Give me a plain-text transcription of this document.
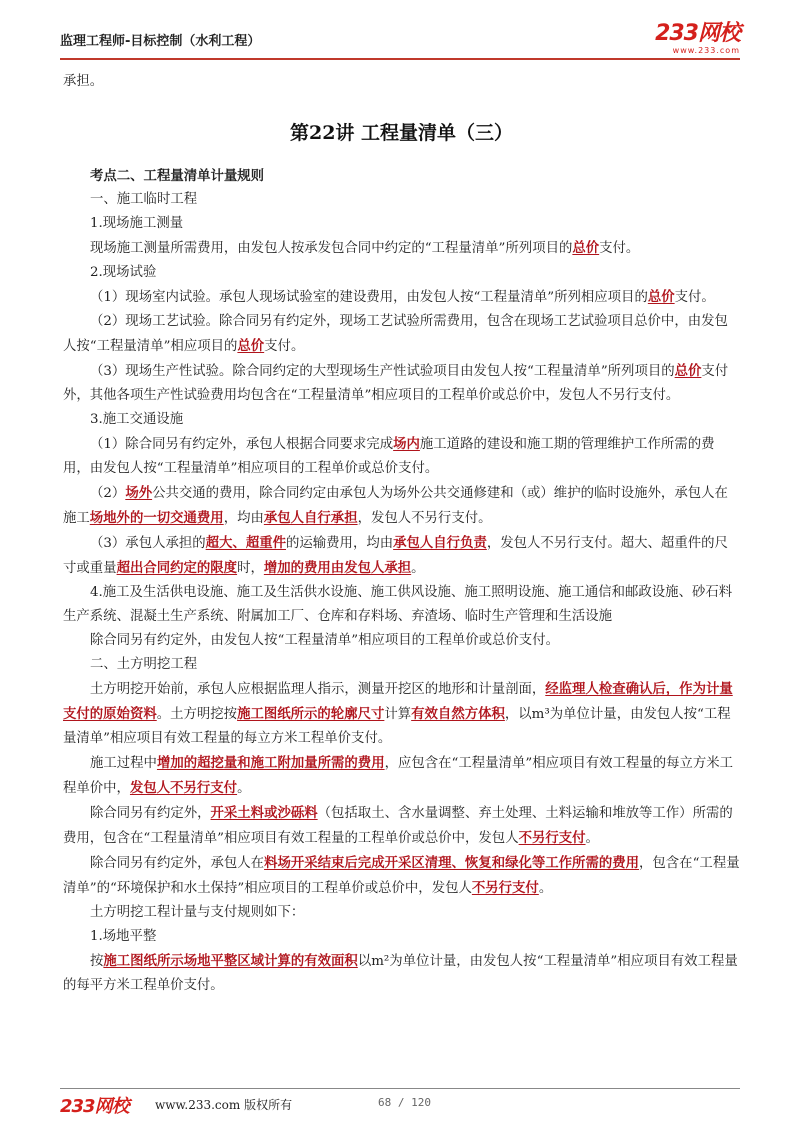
监理工程师-目标控制（水利工程）	233网校
www.233.com

承担。

第22讲 工程量清单（三）

考点二、工程量清单计量规则

一、施工临时工程

1.现场施工测量

现场施工测量所需费用，由发包人按承发包合同中约定的“工程量清单”所列项目的总价支付。

2.现场试验

（1）现场室内试验。承包人现场试验室的建设费用，由发包人按“工程量清单”所列相应项目的总价支付。

（2）现场工艺试验。除合同另有约定外，现场工艺试验所需费用，包含在现场工艺试验项目总价中，由发包人按“工程量清单”相应项目的总价支付。

（3）现场生产性试验。除合同约定的大型现场生产性试验项目由发包人按“工程量清单”所列项目的总价支付外，其他各项生产性试验费用均包含在“工程量清单”相应项目的工程单价或总价中，发包人不另行支付。

3.施工交通设施

（1）除合同另有约定外，承包人根据合同要求完成场内施工道路的建设和施工期的管理维护工作所需的费用，由发包人按“工程量清单”相应项目的工程单价或总价支付。

（2）场外公共交通的费用，除合同约定由承包人为场外公共交通修建和（或）维护的临时设施外，承包人在施工场地外的一切交通费用，均由承包人自行承担，发包人不另行支付。

（3）承包人承担的超大、超重件的运输费用，均由承包人自行负责，发包人不另行支付。超大、超重件的尺寸或重量超出合同约定的限度时，增加的费用由发包人承担。

4.施工及生活供电设施、施工及生活供水设施、施工供风设施、施工照明设施、施工通信和邮政设施、砂石料生产系统、混凝土生产系统、附属加工厂、仓库和存料场、弃渣场、临时生产管理和生活设施

除合同另有约定外，由发包人按“工程量清单”相应项目的工程单价或总价支付。

二、土方明挖工程

土方明挖开始前，承包人应根据监理人指示，测量开挖区的地形和计量剖面，经监理人检查确认后，作为计量支付的原始资料。土方明挖按施工图纸所示的轮廓尺寸计算有效自然方体积，以m³为单位计量，由发包人按“工程量清单”相应项目有效工程量的每立方米工程单价支付。

施工过程中增加的超挖量和施工附加量所需的费用，应包含在“工程量清单”相应项目有效工程量的每立方米工程单价中，发包人不另行支付。

除合同另有约定外，开采土料或沙砾料（包括取土、含水量调整、弃土处理、土料运输和堆放等工作）所需的费用，包含在“工程量清单”相应项目有效工程量的工程单价或总价中，发包人不另行支付。

除合同另有约定外，承包人在料场开采结束后完成开采区清理、恢复和绿化等工作所需的费用，包含在“工程量清单”的“环境保护和水土保持”相应项目的工程单价或总价中，发包人不另行支付。

土方明挖工程计量与支付规则如下：

1.场地平整

按施工图纸所示场地平整区域计算的有效面积以m²为单位计量，由发包人按“工程量清单”相应项目有效工程量的每平方米工程单价支付。

233网校 www.233.com 版权所有	68 / 120
